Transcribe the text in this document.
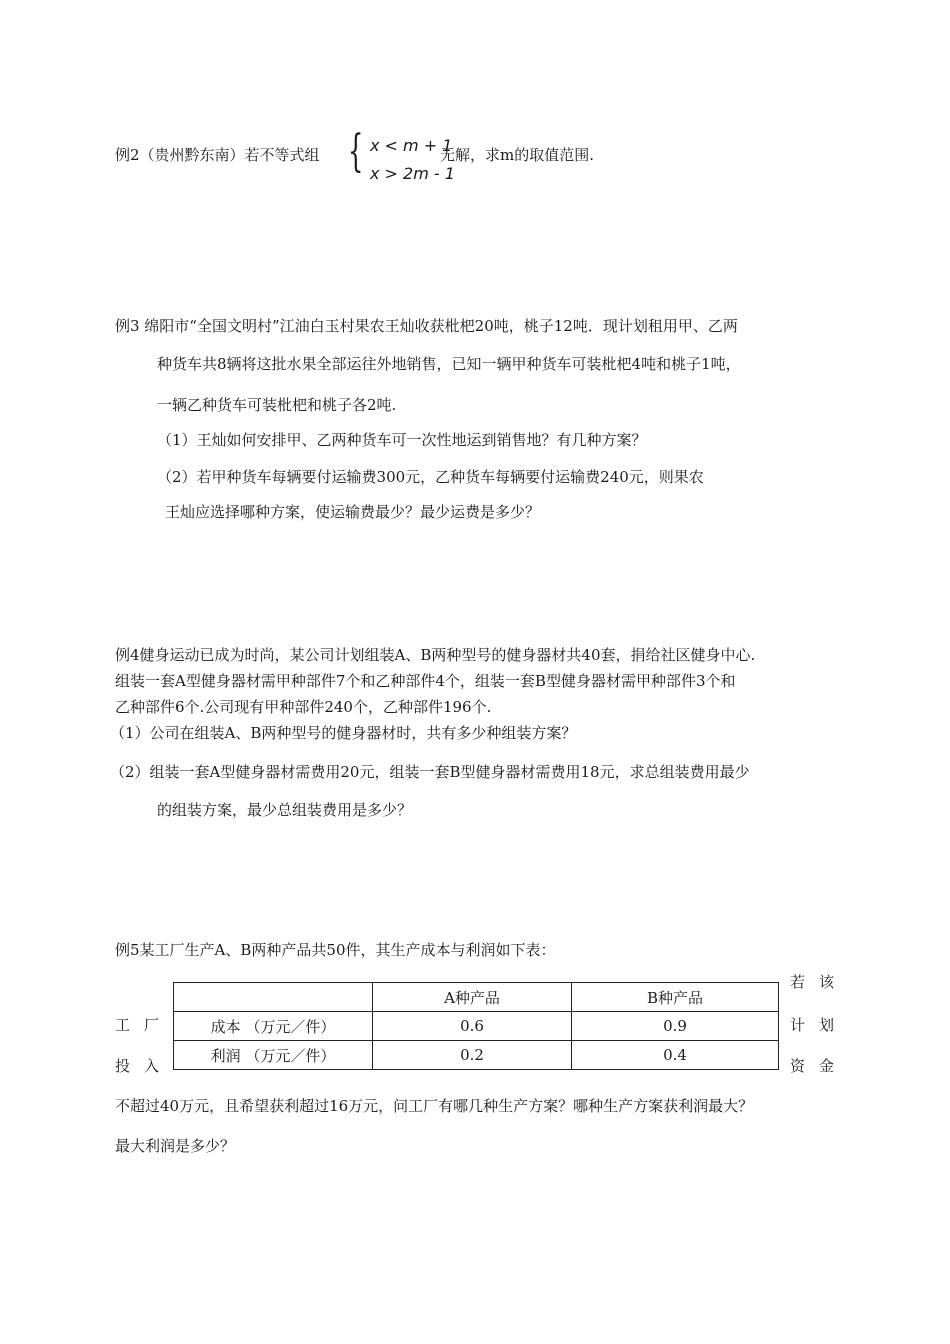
例2（贵州黔东南）若不等式组 { x < m + 1
x > 2m - 1
无解，求m的取值范围.
例3 绵阳市“全国文明村”江油白玉村果农王灿收获枇杷20吨，桃子12吨．现计划租用甲、乙两
种货车共8辆将这批水果全部运往外地销售，已知一辆甲种货车可装枇杷4吨和桃子1吨，
一辆乙种货车可装枇杷和桃子各2吨.
（1）王灿如何安排甲、乙两种货车可一次性地运到销售地？有几种方案？
（2）若甲种货车每辆要付运输费300元，乙种货车每辆要付运输费240元，则果农
王灿应选择哪种方案，使运输费最少？最少运费是多少？
例4健身运动已成为时尚，某公司计划组装A、B两种型号的健身器材共40套，捐给社区健身中心.
组装一套A型健身器材需甲种部件7个和乙种部件4个，组装一套B型健身器材需甲种部件3个和
乙种部件6个.公司现有甲种部件240个，乙种部件196个.
（1）公司在组装A、B两种型号的健身器材时，共有多少种组装方案？
（2）组装一套A型健身器材需费用20元，组装一套B型健身器材需费用18元，求总组装费用最少
的组装方案，最少总组装费用是多少？
例5某工厂生产A、B两种产品共50件，其生产成本与利润如下表：
若该
工厂	计划
投入	资金
	A种产品	B种产品
成本 （万元／件）	0.6	0.9
利润 （万元／件）	0.2	0.4
不超过40万元，且希望获利超过16万元，问工厂有哪几种生产方案？哪种生产方案获利润最大？
最大利润是多少？
